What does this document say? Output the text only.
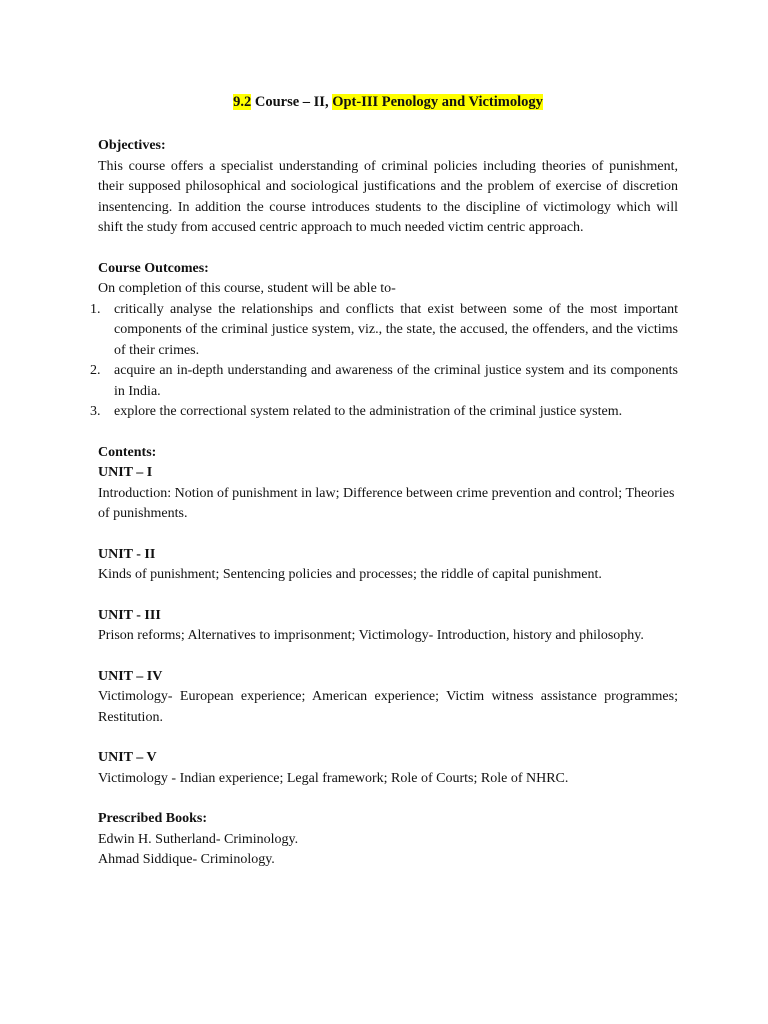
9.2 Course – II, Opt-III Penology and Victimology

Objectives:

This course offers a specialist understanding of criminal policies including theories of punishment, their supposed philosophical and sociological justifications and the problem of exercise of discretion insentencing. In addition the course introduces students to the discipline of victimology which will shift the study from accused centric approach to much needed victim centric approach.

Course Outcomes:

On completion of this course, student will be able to-

1. critically analyse the relationships and conflicts that exist between some of the most important components of the criminal justice system, viz., the state, the accused, the offenders, and the victims of their crimes.
2. acquire an in-depth understanding and awareness of the criminal justice system and its components in India.
3. explore the correctional system related to the administration of the criminal justice system.

Contents:

UNIT – I

Introduction: Notion of punishment in law; Difference between crime prevention and control; Theories of punishments.

UNIT - II

Kinds of punishment; Sentencing policies and processes; the riddle of capital punishment.

UNIT - III

Prison reforms; Alternatives to imprisonment; Victimology- Introduction, history and philosophy.

UNIT – IV

Victimology- European experience; American experience; Victim witness assistance programmes; Restitution.

UNIT – V

Victimology - Indian experience; Legal framework; Role of Courts; Role of NHRC.

Prescribed Books:

Edwin H. Sutherland- Criminology.

Ahmad Siddique- Criminology.
